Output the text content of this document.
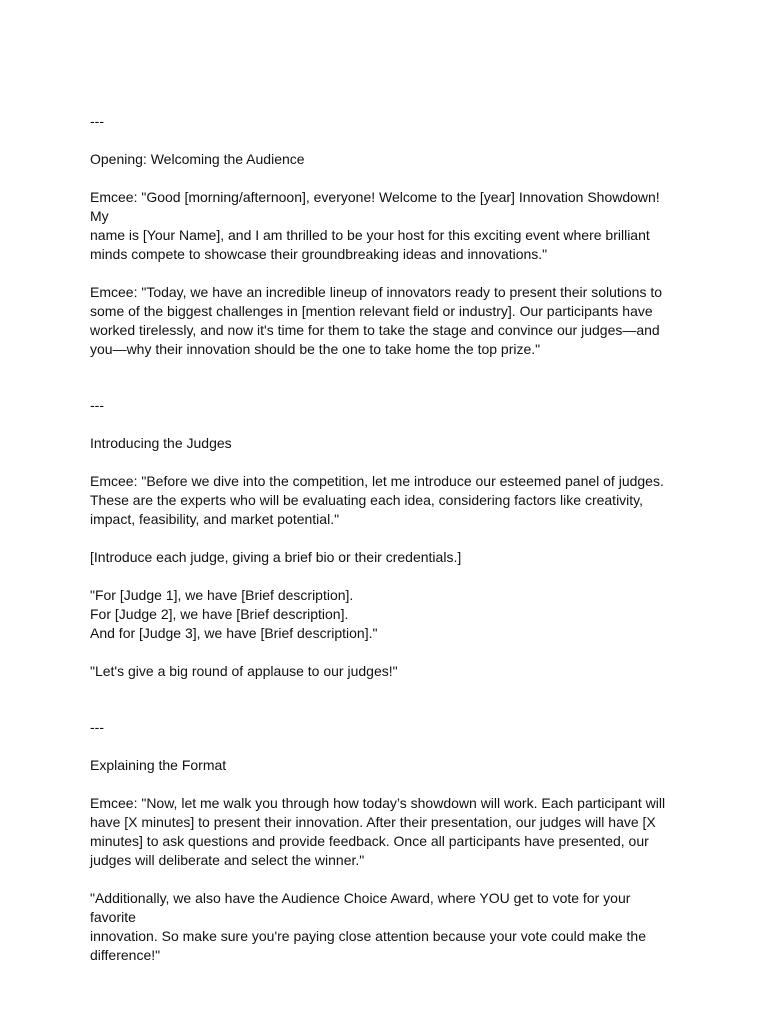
---

Opening: Welcoming the Audience

Emcee: "Good [morning/afternoon], everyone! Welcome to the [year] Innovation Showdown! My
name is [Your Name], and I am thrilled to be your host for this exciting event where brilliant
minds compete to showcase their groundbreaking ideas and innovations."

Emcee: "Today, we have an incredible lineup of innovators ready to present their solutions to
some of the biggest challenges in [mention relevant field or industry]. Our participants have
worked tirelessly, and now it's time for them to take the stage and convince our judges—and
you—why their innovation should be the one to take home the top prize."

---

Introducing the Judges

Emcee: "Before we dive into the competition, let me introduce our esteemed panel of judges.
These are the experts who will be evaluating each idea, considering factors like creativity,
impact, feasibility, and market potential."

[Introduce each judge, giving a brief bio or their credentials.]

"For [Judge 1], we have [Brief description].
For [Judge 2], we have [Brief description].
And for [Judge 3], we have [Brief description]."

"Let's give a big round of applause to our judges!"

---

Explaining the Format

Emcee: "Now, let me walk you through how today’s showdown will work. Each participant will
have [X minutes] to present their innovation. After their presentation, our judges will have [X
minutes] to ask questions and provide feedback. Once all participants have presented, our
judges will deliberate and select the winner."

"Additionally, we also have the Audience Choice Award, where YOU get to vote for your favorite
innovation. So make sure you're paying close attention because your vote could make the
difference!"
